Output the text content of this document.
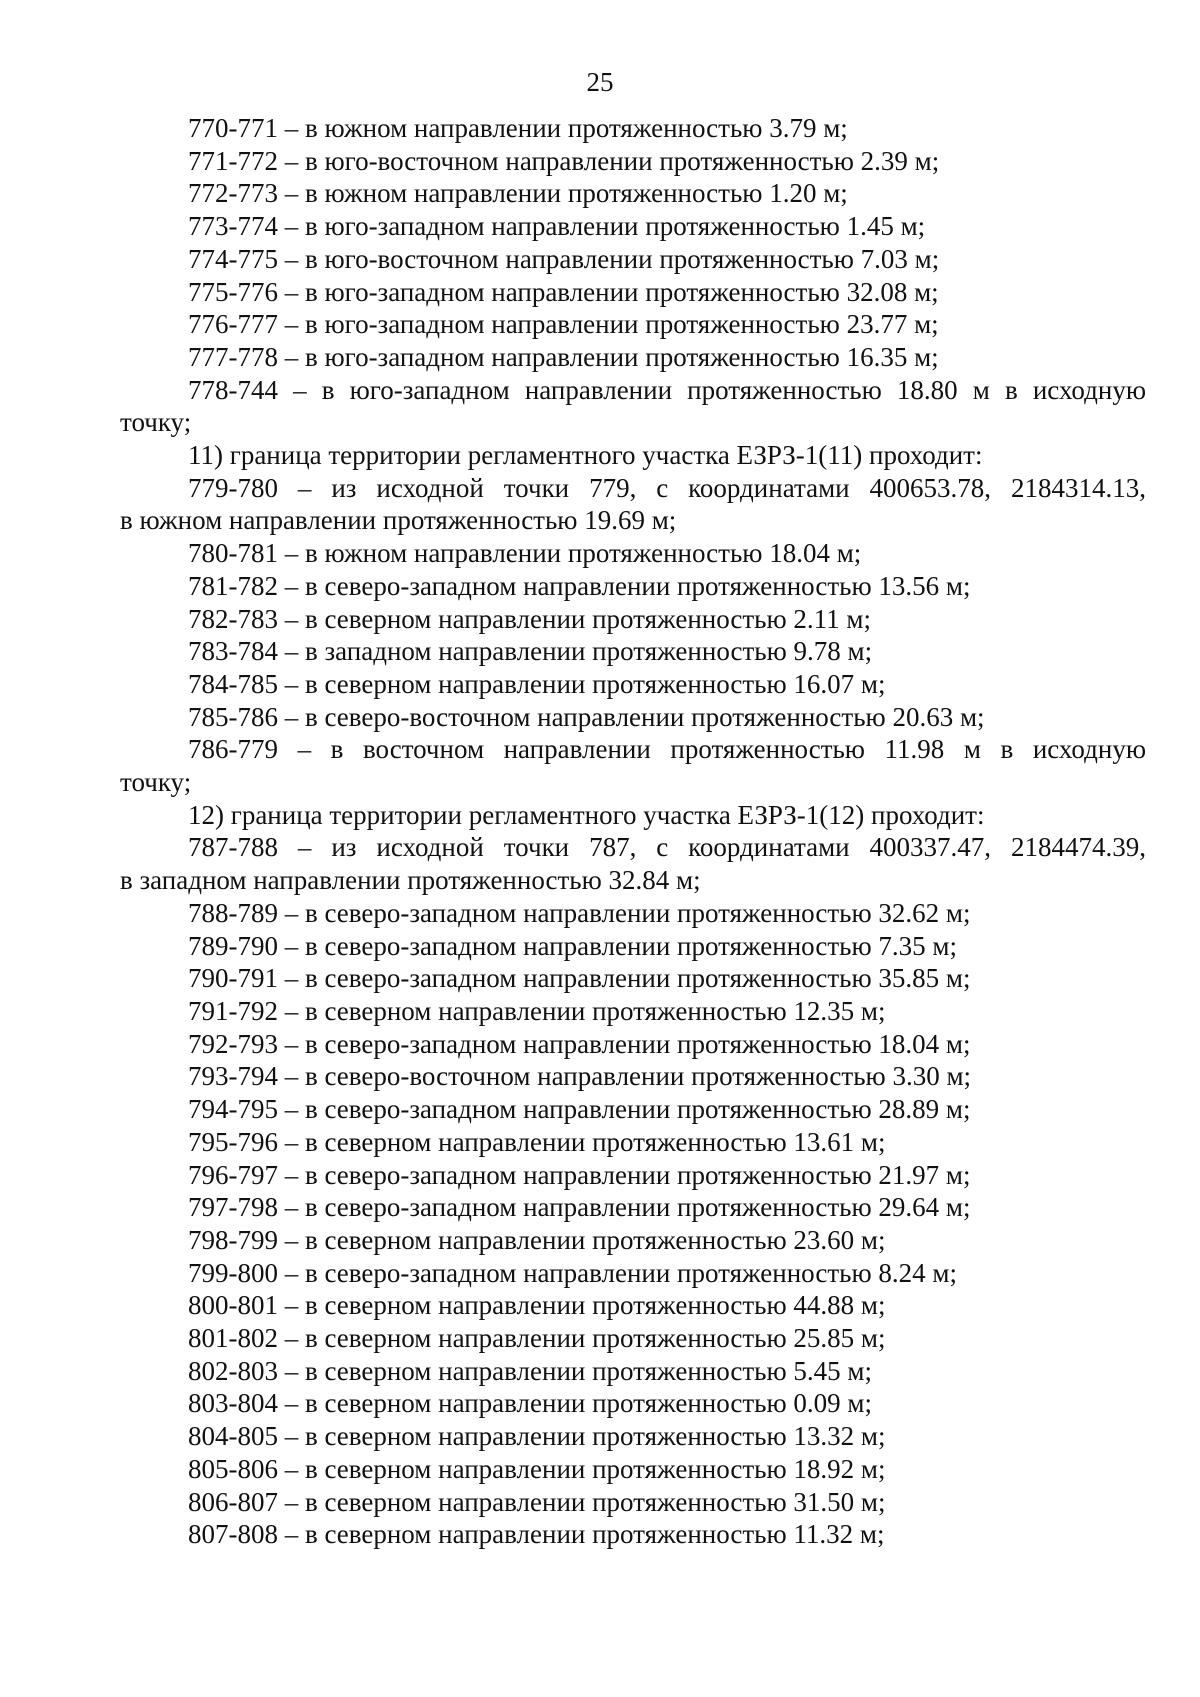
25

770-771 – в южном направлении протяженностью 3.79 м;

771-772 – в юго-восточном направлении протяженностью 2.39 м;

772-773 – в южном направлении протяженностью 1.20 м;

773-774 – в юго-западном направлении протяженностью 1.45 м;

774-775 – в юго-восточном направлении протяженностью 7.03 м;

775-776 – в юго-западном направлении протяженностью 32.08 м;

776-777 – в юго-западном направлении протяженностью 23.77 м;

777-778 – в юго-западном направлении протяженностью 16.35 м;

778-744 – в юго-западном направлении протяженностью 18.80 м в исходную

точку;

11) граница территории регламентного участка ЕЗРЗ-1(11) проходит:

779-780 – из исходной точки 779, с координатами 400653.78, 2184314.13,

в южном направлении протяженностью 19.69 м;

780-781 – в южном направлении протяженностью 18.04 м;

781-782 – в северо-западном направлении протяженностью 13.56 м;

782-783 – в северном направлении протяженностью 2.11 м;

783-784 – в западном направлении протяженностью 9.78 м;

784-785 – в северном направлении протяженностью 16.07 м;

785-786 – в северо-восточном направлении протяженностью 20.63 м;

786-779 – в восточном направлении протяженностью 11.98 м в исходную

точку;

12) граница территории регламентного участка ЕЗРЗ-1(12) проходит:

787-788 – из исходной точки 787, с координатами 400337.47, 2184474.39,

в западном направлении протяженностью 32.84 м;

788-789 – в северо-западном направлении протяженностью 32.62 м;

789-790 – в северо-западном направлении протяженностью 7.35 м;

790-791 – в северо-западном направлении протяженностью 35.85 м;

791-792 – в северном направлении протяженностью 12.35 м;

792-793 – в северо-западном направлении протяженностью 18.04 м;

793-794 – в северо-восточном направлении протяженностью 3.30 м;

794-795 – в северо-западном направлении протяженностью 28.89 м;

795-796 – в северном направлении протяженностью 13.61 м;

796-797 – в северо-западном направлении протяженностью 21.97 м;

797-798 – в северо-западном направлении протяженностью 29.64 м;

798-799 – в северном направлении протяженностью 23.60 м;

799-800 – в северо-западном направлении протяженностью 8.24 м;

800-801 – в северном направлении протяженностью 44.88 м;

801-802 – в северном направлении протяженностью 25.85 м;

802-803 – в северном направлении протяженностью 5.45 м;

803-804 – в северном направлении протяженностью 0.09 м;

804-805 – в северном направлении протяженностью 13.32 м;

805-806 – в северном направлении протяженностью 18.92 м;

806-807 – в северном направлении протяженностью 31.50 м;

807-808 – в северном направлении протяженностью 11.32 м;
